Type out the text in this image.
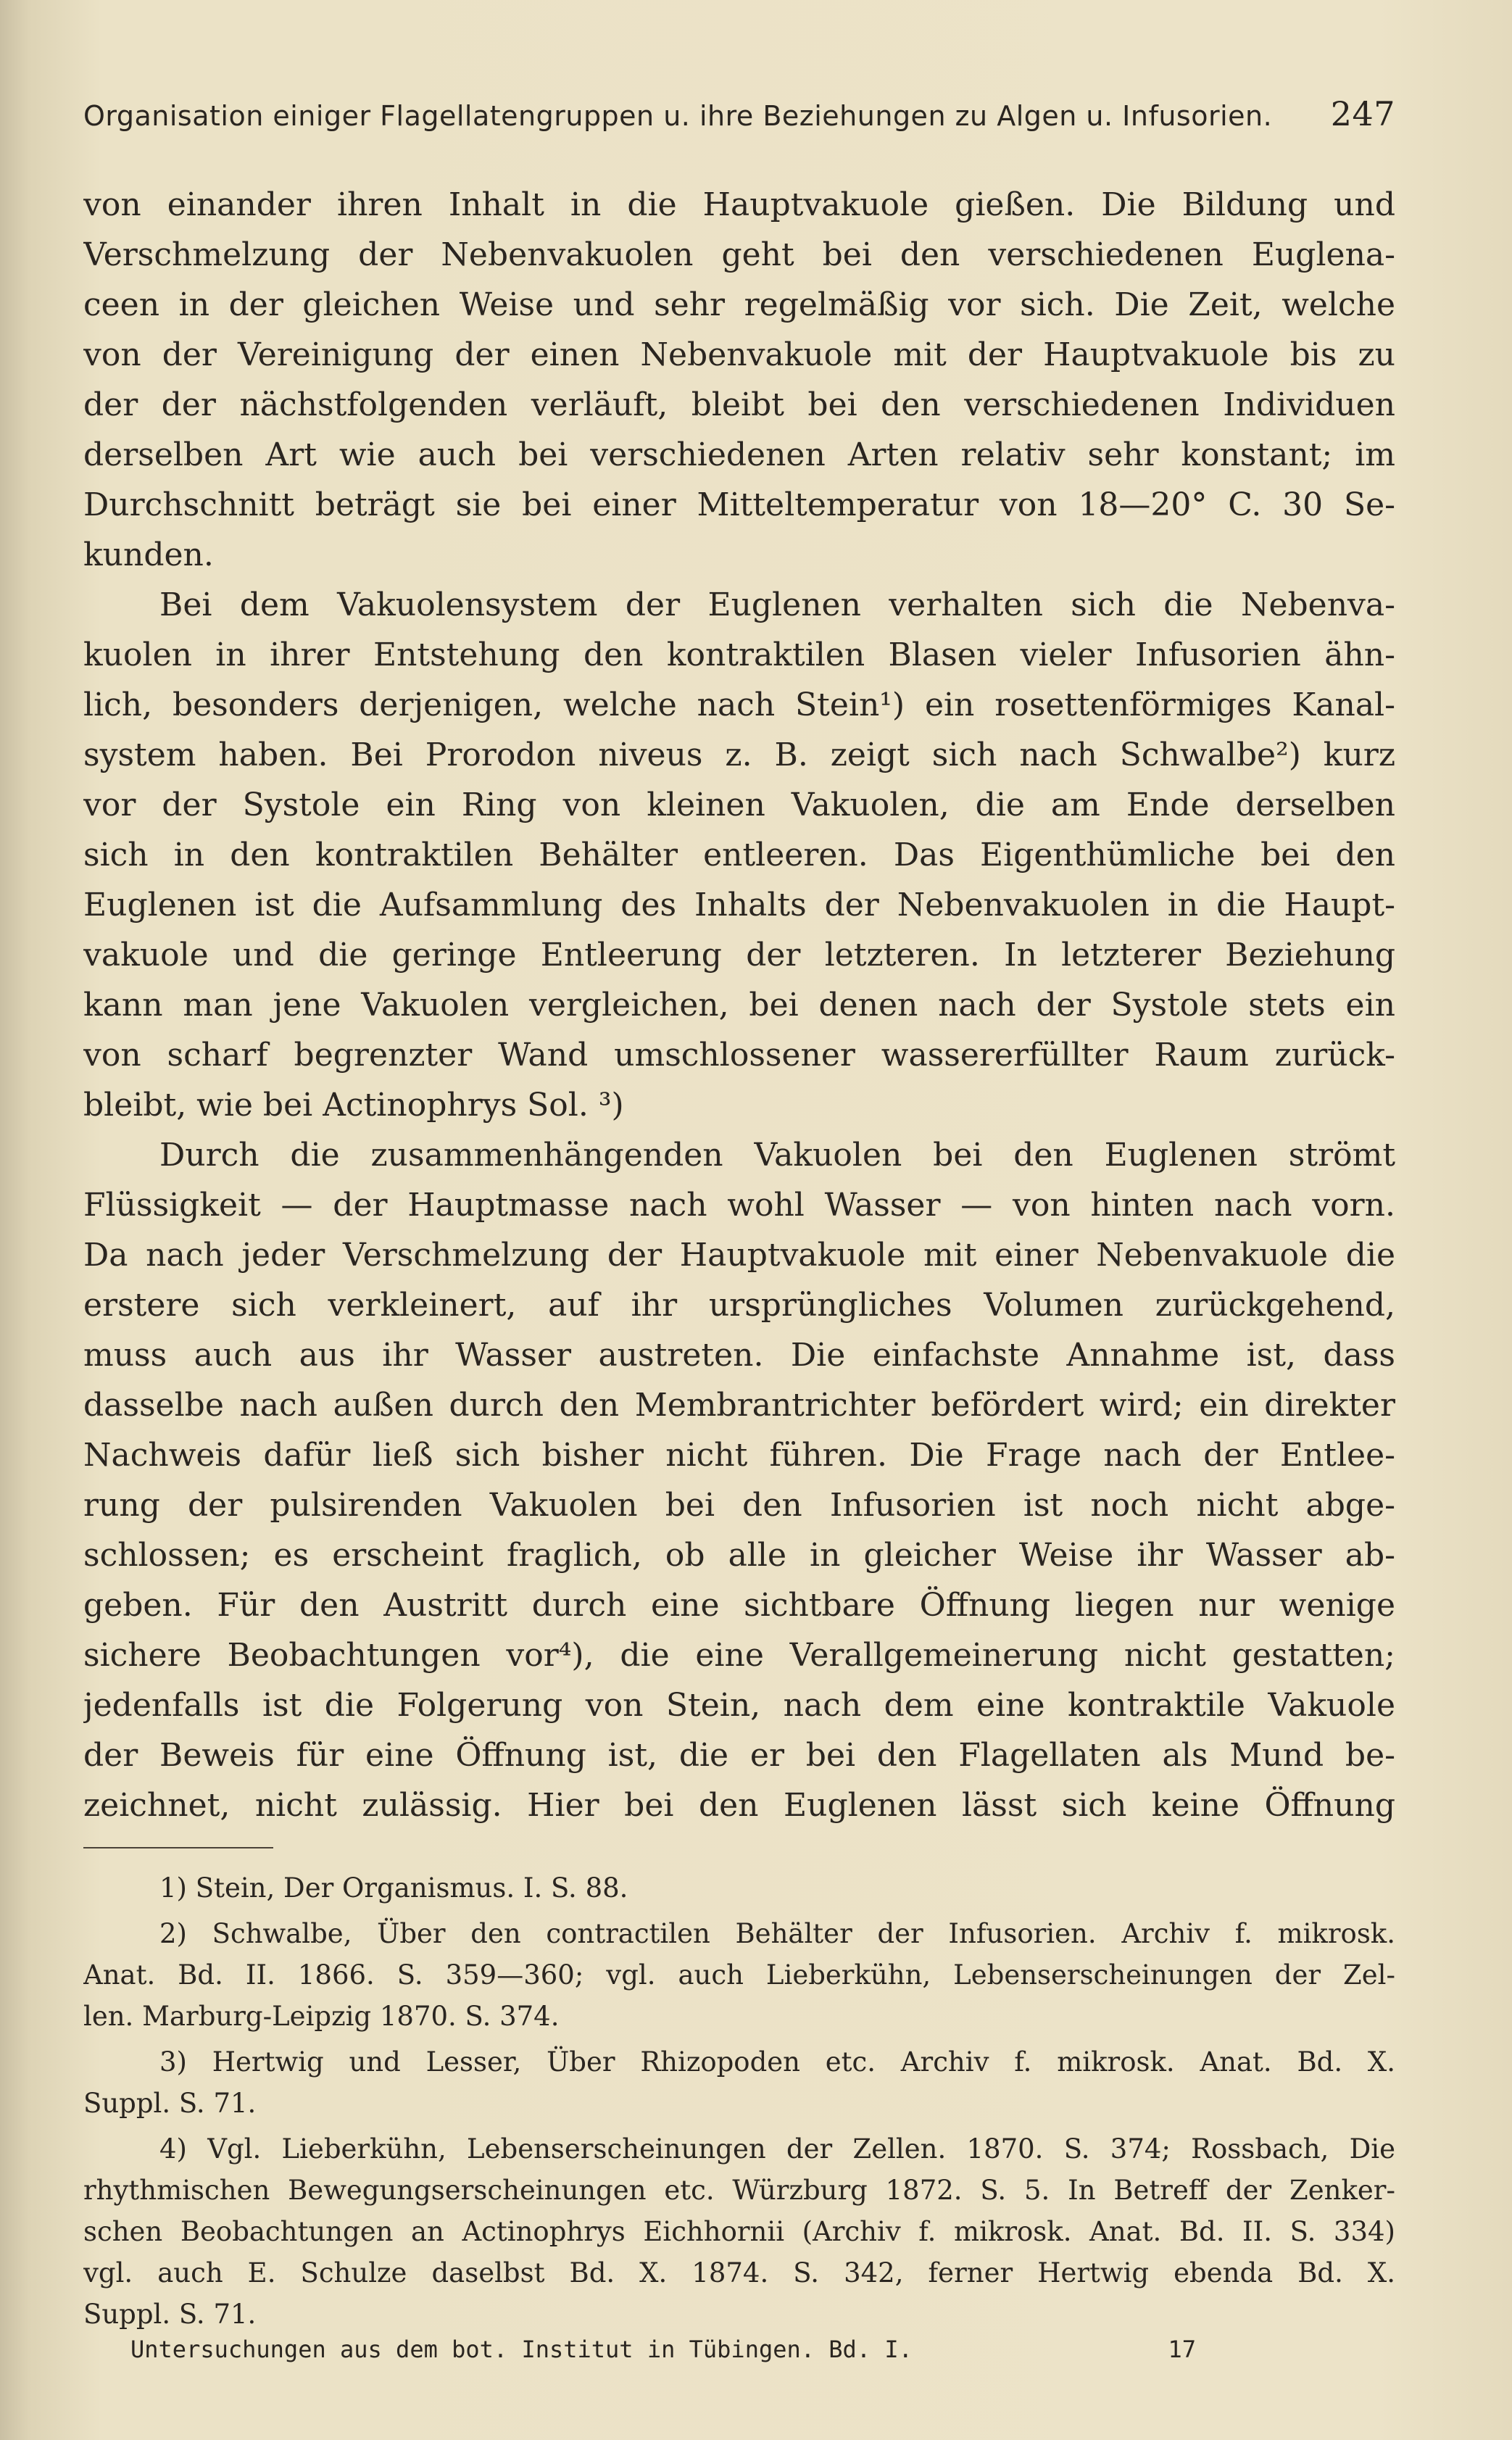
Organisation einiger Flagellatengruppen u. ihre Beziehungen zu Algen u. Infusorien. 247
von einander ihren Inhalt in die Hauptvakuole gießen. Die Bildung und
Verschmelzung der Nebenvakuolen geht bei den verschiedenen Euglena-
ceen in der gleichen Weise und sehr regelmäßig vor sich. Die Zeit, welche
von der Vereinigung der einen Nebenvakuole mit der Hauptvakuole bis zu
der der nächstfolgenden verläuft, bleibt bei den verschiedenen Individuen
derselben Art wie auch bei verschiedenen Arten relativ sehr konstant; im
Durchschnitt beträgt sie bei einer Mitteltemperatur von 18—20° C. 30 Se-
kunden.
Bei dem Vakuolensystem der Euglenen verhalten sich die Nebenva-
kuolen in ihrer Entstehung den kontraktilen Blasen vieler Infusorien ähn-
lich, besonders derjenigen, welche nach Stein¹) ein rosettenförmiges Kanal-
system haben. Bei Prorodon niveus z. B. zeigt sich nach Schwalbe²) kurz
vor der Systole ein Ring von kleinen Vakuolen, die am Ende derselben
sich in den kontraktilen Behälter entleeren. Das Eigenthümliche bei den
Euglenen ist die Aufsammlung des Inhalts der Nebenvakuolen in die Haupt-
vakuole und die geringe Entleerung der letzteren. In letzterer Beziehung
kann man jene Vakuolen vergleichen, bei denen nach der Systole stets ein
von scharf begrenzter Wand umschlossener wassererfüllter Raum zurück-
bleibt, wie bei Actinophrys Sol. ³)
Durch die zusammenhängenden Vakuolen bei den Euglenen strömt
Flüssigkeit — der Hauptmasse nach wohl Wasser — von hinten nach vorn.
Da nach jeder Verschmelzung der Hauptvakuole mit einer Nebenvakuole die
erstere sich verkleinert, auf ihr ursprüngliches Volumen zurückgehend,
muss auch aus ihr Wasser austreten. Die einfachste Annahme ist, dass
dasselbe nach außen durch den Membrantrichter befördert wird; ein direkter
Nachweis dafür ließ sich bisher nicht führen. Die Frage nach der Entlee-
rung der pulsirenden Vakuolen bei den Infusorien ist noch nicht abge-
schlossen; es erscheint fraglich, ob alle in gleicher Weise ihr Wasser ab-
geben. Für den Austritt durch eine sichtbare Öffnung liegen nur wenige
sichere Beobachtungen vor⁴), die eine Verallgemeinerung nicht gestatten;
jedenfalls ist die Folgerung von Stein, nach dem eine kontraktile Vakuole
der Beweis für eine Öffnung ist, die er bei den Flagellaten als Mund be-
zeichnet, nicht zulässig. Hier bei den Euglenen lässt sich keine Öffnung
1) Stein, Der Organismus. I. S. 88.
2) Schwalbe, Über den contractilen Behälter der Infusorien. Archiv f. mikrosk.
Anat. Bd. II. 1866. S. 359—360; vgl. auch Lieberkühn, Lebenserscheinungen der Zel-
len. Marburg-Leipzig 1870. S. 374.
3) Hertwig und Lesser, Über Rhizopoden etc. Archiv f. mikrosk. Anat. Bd. X.
Suppl. S. 71.
4) Vgl. Lieberkühn, Lebenserscheinungen der Zellen. 1870. S. 374; Rossbach, Die
rhythmischen Bewegungserscheinungen etc. Würzburg 1872. S. 5. In Betreff der Zenker-
schen Beobachtungen an Actinophrys Eichhornii (Archiv f. mikrosk. Anat. Bd. II. S. 334)
vgl. auch E. Schulze daselbst Bd. X. 1874. S. 342, ferner Hertwig ebenda Bd. X.
Suppl. S. 71.
Untersuchungen aus dem bot. Institut in Tübingen. Bd. I.	17
